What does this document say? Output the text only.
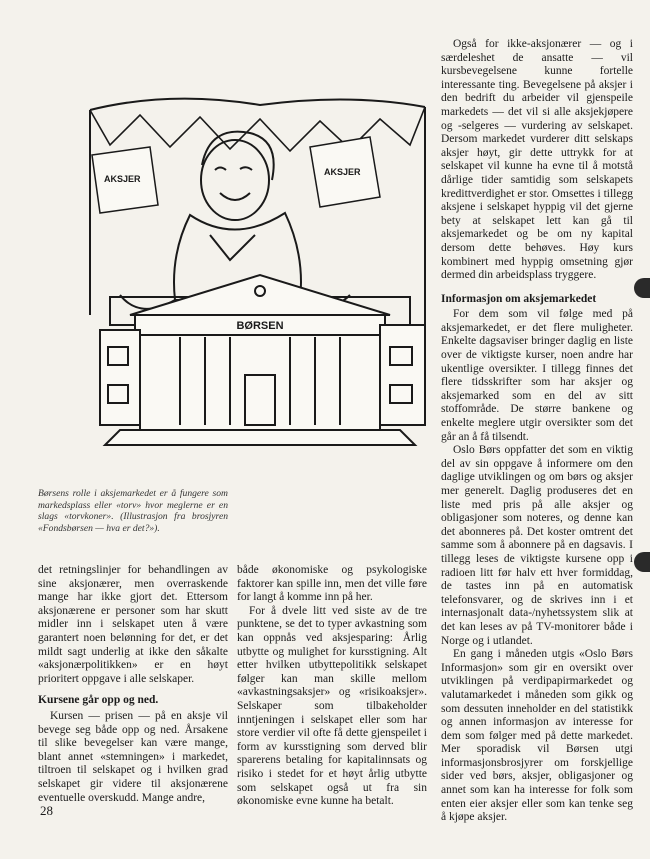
AKSJER
AKSJER
BØRSEN
Børsens rolle i aksjemarkedet er å fungere som markedsplass eller «torv» hvor meglerne er en slags «torvkoner». (Illustrasjon fra brosjyren «Fondsbørsen — hva er det?»).

det retningslinjer for behandlingen av sine aksjonærer, men overraskende mange har ikke gjort det. Ettersom aksjonærene er personer som har skutt midler inn i selskapet uten å være garantert noen belønning for det, er det mildt sagt underlig at ikke den såkalte «aksjonærpolitikken» er en høyt prioritert oppgave i alle selskaper.

Kursene går opp og ned.

Kursen — prisen — på en aksje vil bevege seg både opp og ned. Årsakene til slike bevegelser kan være mange, blant annet «stemningen» i markedet, tiltroen til selskapet og i hvilken grad selskapet gir videre til aksjonærene eventuelle overskudd. Mange andre,

både økonomiske og psykologiske faktorer kan spille inn, men det ville føre for langt å komme inn på her.

For å dvele litt ved siste av de tre punktene, se det to typer avkastning som kan oppnås ved aksjesparing: Årlig utbytte og mulighet for kursstigning. Alt etter hvilken utbyttepolitikk selskapet følger kan man skille mellom «avkastningsaksjer» og «risikoaksjer». Selskaper som tilbakeholder inntjeningen i selskapet eller som har store verdier vil ofte få dette gjenspeilet i form av kursstigning som derved blir sparerens betaling for kapitalinnsats og risiko i stedet for et høyt årlig utbytte som selskapet også ut fra sin økonomiske evne kunne ha betalt.

Også for ikke-aksjonærer — og i særdeleshet de ansatte — vil kursbevegelsene kunne fortelle interessante ting. Bevegelsene på aksjer i den bedrift du arbeider vil gjenspeile markedets — det vil si alle aksjekjøpere og -selgeres — vurdering av selskapet. Dersom markedet vurderer ditt selskaps aksjer høyt, gir dette uttrykk for at selskapet vil kunne ha evne til å motstå dårlige tider samtidig som selskapets kredittverdighet er stor. Omsettes i tillegg aksjene i selskapet hyppig vil det gjerne bety at selskapet lett kan gå til aksjemarkedet og be om ny kapital dersom dette behøves. Høy kurs kombinert med hyppig omsetning gjør dermed din arbeidsplass tryggere.

Informasjon om aksjemarkedet

For dem som vil følge med på aksjemarkedet, er det flere muligheter. Enkelte dagsaviser bringer daglig en liste over de viktigste kurser, noen andre har ukentlige oversikter. I tillegg finnes det flere tidsskrifter som har aksjer og aksjemarked som en del av sitt stoffområde. De større bankene og enkelte meglere utgir oversikter som det går an å få tilsendt.

Oslo Børs oppfatter det som en viktig del av sin oppgave å informere om den daglige utviklingen og om børs og aksjer mer generelt. Daglig produseres det en liste med pris på alle aksjer og obligasjoner som noteres, og denne kan det abonneres på. Det koster omtrent det samme som å abonnere på en dagsavis. I tillegg leses de viktigste kursene opp i radioen litt før halv ett hver formiddag, de tastes inn på en automatisk telefonsvarer, og de skrives inn i et internasjonalt data-/nyhetssystem slik at det kan leses av på TV-monitorer både i Norge og i utlandet.

En gang i måneden utgis «Oslo Børs Informasjon» som gir en oversikt over utviklingen på verdipapirmarkedet og valutamarkedet i måneden som gikk og som dessuten inneholder en del statistikk og annen informasjon av interesse for dem som følger med på dette markedet. Mer sporadisk vil Børsen utgi informasjonsbrosjyrer om forskjellige sider ved børs, aksjer, obligasjoner og annet som kan ha interesse for folk som enten eier aksjer eller som kan tenke seg å kjøpe aksjer.

28
